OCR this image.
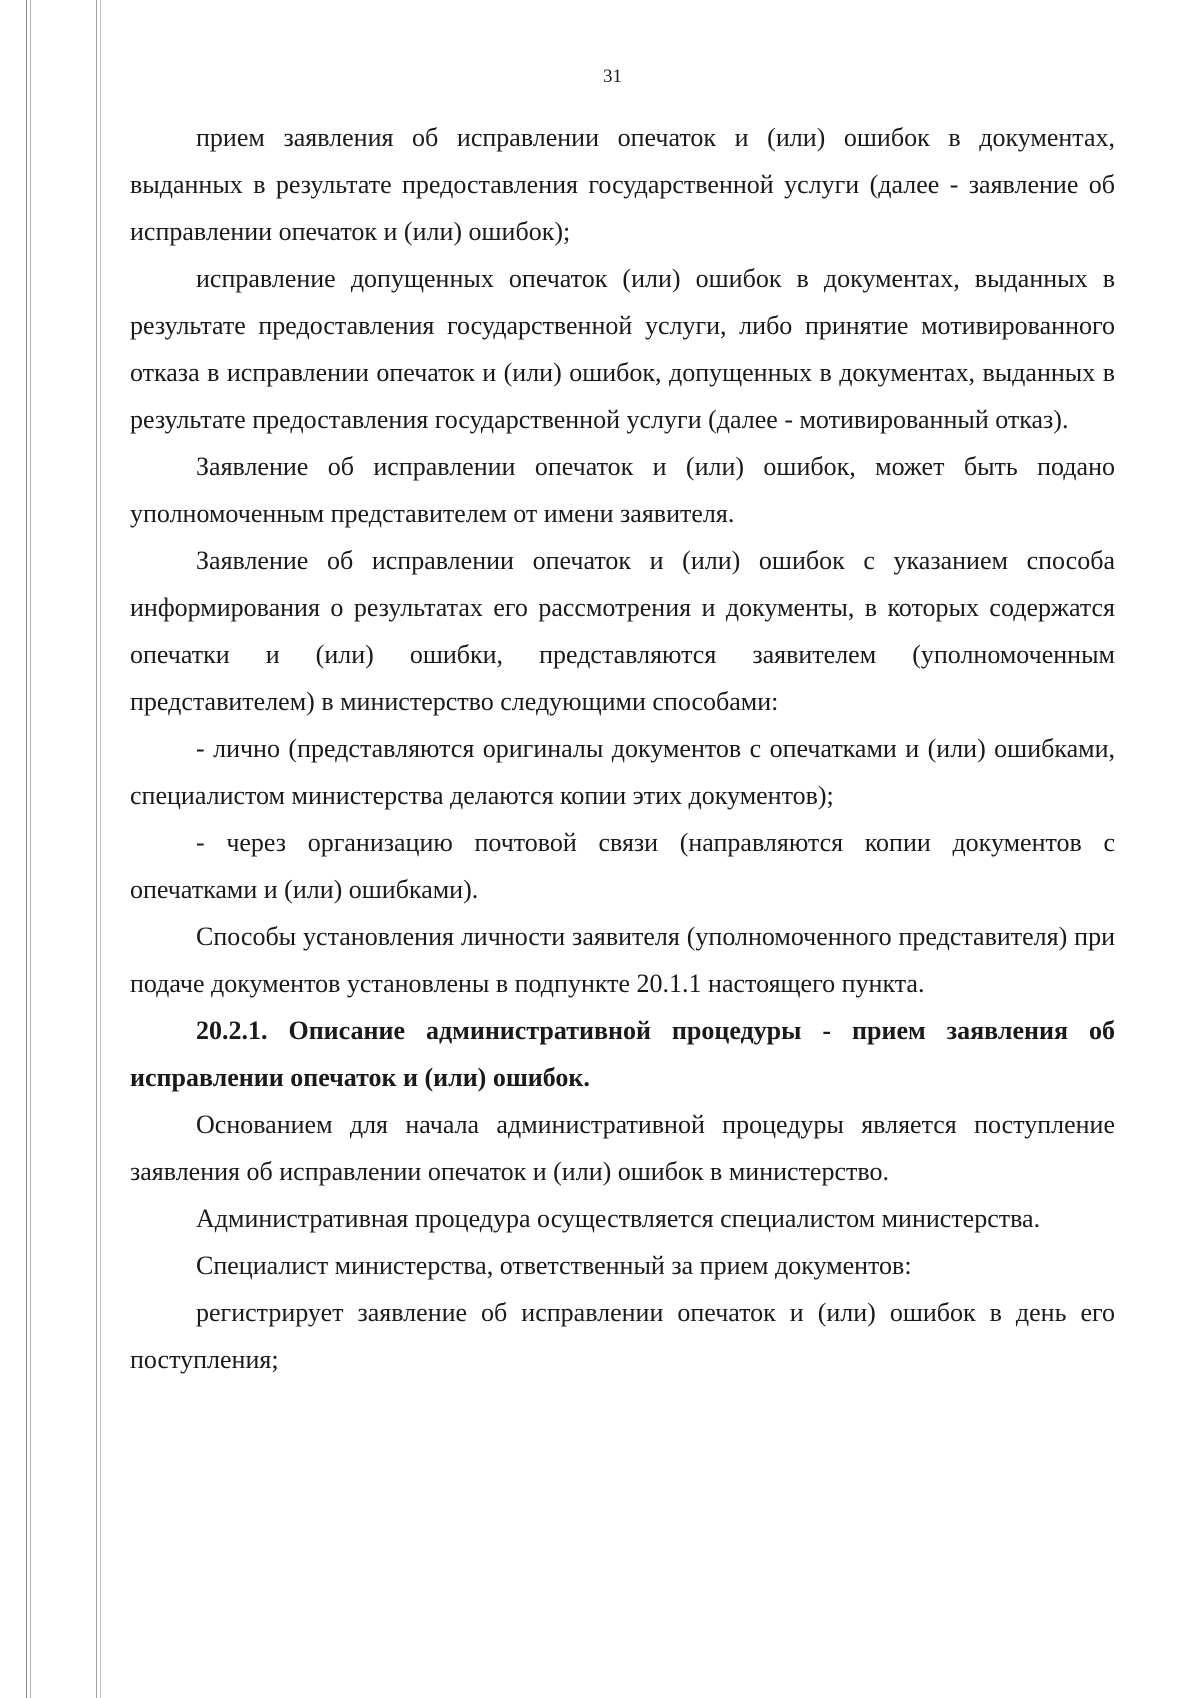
31

прием заявления об исправлении опечаток и (или) ошибок в документах, выданных в результате предоставления государственной услуги (далее - заявление об исправлении опечаток и (или) ошибок);

исправление допущенных опечаток (или) ошибок в документах, выданных в результате предоставления государственной услуги, либо принятие мотивированного отказа в исправлении опечаток и (или) ошибок, допущенных в документах, выданных в результате предоставления государственной услуги (далее - мотивированный отказ).

Заявление об исправлении опечаток и (или) ошибок, может быть подано уполномоченным представителем от имени заявителя.

Заявление об исправлении опечаток и (или) ошибок с указанием способа информирования о результатах его рассмотрения и документы, в которых содержатся опечатки и (или) ошибки, представляются заявителем (уполномоченным представителем) в министерство следующими способами:

- лично (представляются оригиналы документов с опечатками и (или) ошибками, специалистом министерства делаются копии этих документов);

- через организацию почтовой связи (направляются копии документов с опечатками и (или) ошибками).

Способы установления личности заявителя (уполномоченного представителя) при подаче документов установлены в подпункте 20.1.1 настоящего пункта.

20.2.1. Описание административной процедуры - прием заявления об исправлении опечаток и (или) ошибок.

Основанием для начала административной процедуры является поступление заявления об исправлении опечаток и (или) ошибок в министерство.

Административная процедура осуществляется специалистом министерства.

Специалист министерства, ответственный за прием документов:

регистрирует заявление об исправлении опечаток и (или) ошибок в день его поступления;
